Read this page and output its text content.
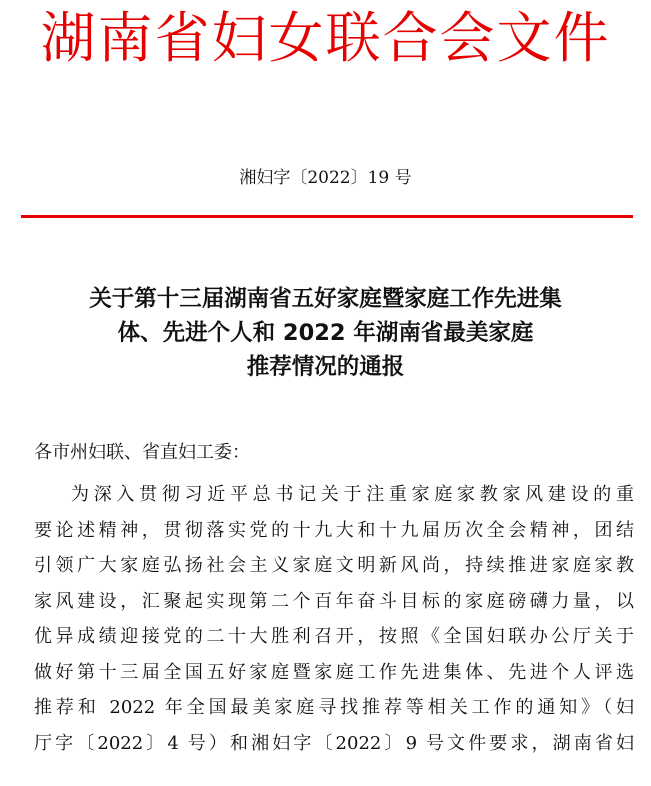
湖南省妇女联合会文件
湘妇字〔2022〕19 号
关于第十三届湖南省五好家庭暨家庭工作先进集
体、先进个人和 2022 年湖南省最美家庭
推荐情况的通报
各市州妇联、省直妇工委：
为深入贯彻习近平总书记关于注重家庭家教家风建设的重
要论述精神，贯彻落实党的十九大和十九届历次全会精神，团结
引领广大家庭弘扬社会主义家庭文明新风尚，持续推进家庭家教
家风建设，汇聚起实现第二个百年奋斗目标的家庭磅礴力量，以
优异成绩迎接党的二十大胜利召开，按照《全国妇联办公厅关于
做好第十三届全国五好家庭暨家庭工作先进集体、先进个人评选
推荐和 2022 年全国最美家庭寻找推荐等相关工作的通知》（妇
厅字〔2022〕4 号）和湘妇字〔2022〕9 号文件要求，湖南省妇
